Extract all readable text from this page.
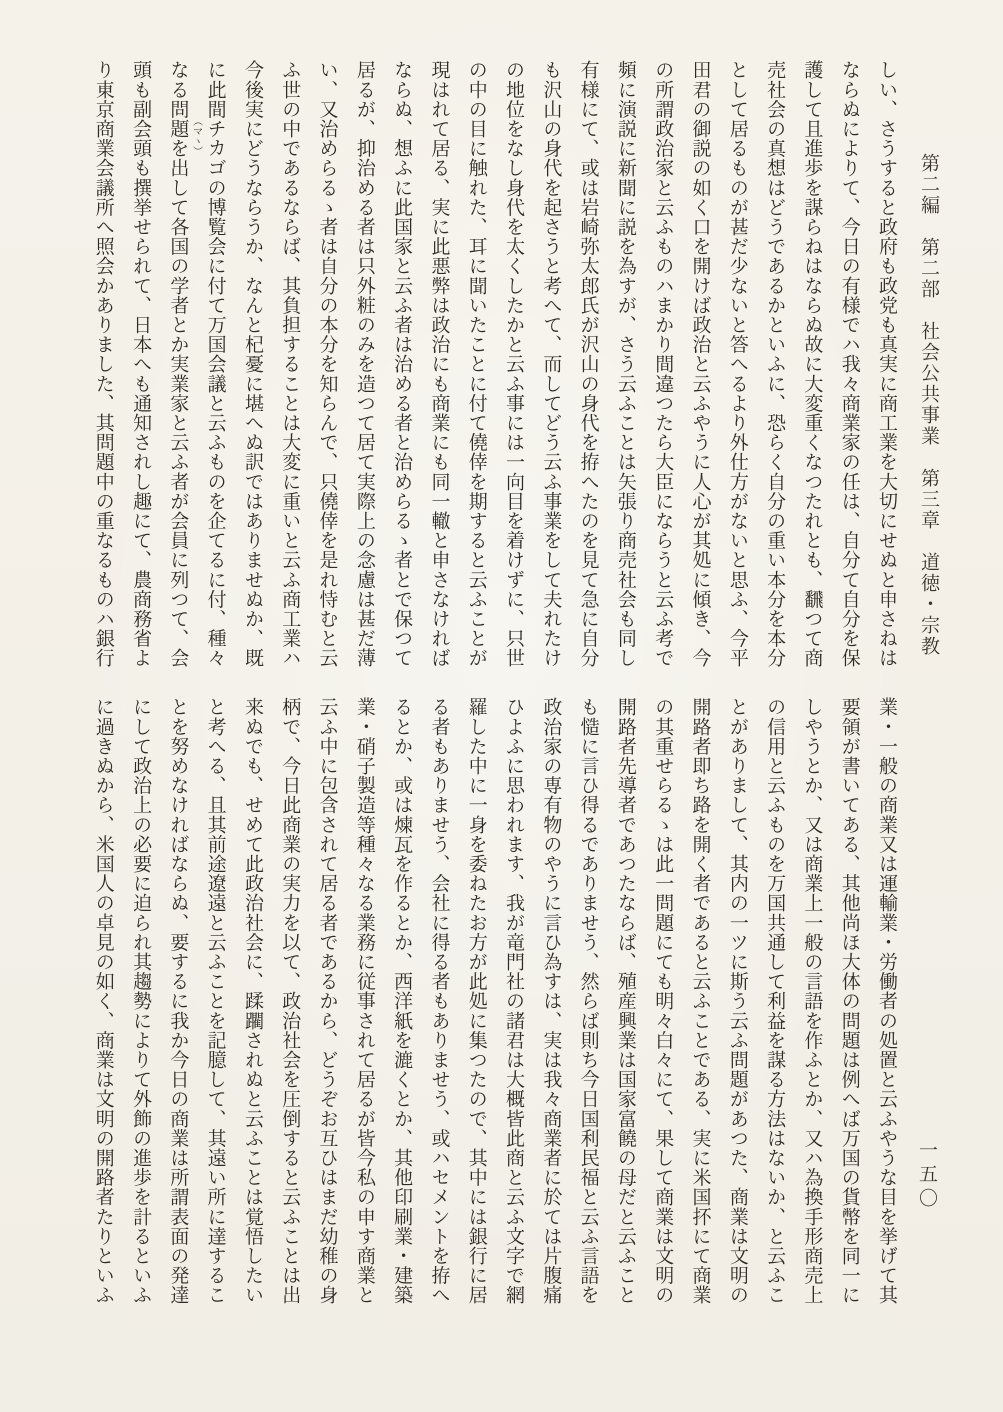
第二編　第二部　社会公共事業　第三章　道徳・宗教
一五〇

しい、さうすると政府も政党も真実に商工業を大切にせぬと申さねは

ならぬによりて、今日の有様でハ我々商業家の任は、自分て自分を保

護して且進歩を謀らねはならぬ故に大変重くなつたれとも、飜つて商

売社会の真想はどうであるかといふに、恐らく自分の重い本分を本分

として居るものが甚だ少ないと答へるより外仕方がないと思ふ、今平

田君の御説の如く口を開けば政治と云ふやうに人心が其処に傾き、今

の所謂政治家と云ふものハまかり間違つたら大臣にならうと云ふ考で

頻に演説に新聞に説を為すが、さう云ふことは矢張り商売社会も同し

有様にて、或は岩崎弥太郎氏が沢山の身代を拵へたのを見て急に自分

も沢山の身代を起さうと考へて、而してどう云ふ事業をして夫れたけ

の地位をなし身代を太くしたかと云ふ事には一向目を着けずに、只世

の中の目に触れた、耳に聞いたことに付て僥倖を期すると云ふことが

現はれて居る、実に此悪弊は政治にも商業にも同一轍と申さなければ

ならぬ、想ふに此国家と云ふ者は治める者と治めらるゝ者とで保つて

居るが、抑治める者は只外粧のみを造つて居て実際上の念慮は甚だ薄

い、又治めらるゝ者は自分の本分を知らんで、只僥倖を是れ恃むと云

ふ世の中であるならば、其負担することは大変に重いと云ふ商工業ハ

今後実にどうならうか、なんと杞憂に堪へぬ訳ではありませぬか、既

に此間チカゴ
（マヽ）
の博覧会に付て万国会議と云ふものを企てるに付、種々

なる問題を出して各国の学者とか実業家と云ふ者が会員に列つて、会

頭も副会頭も撰挙せられて、日本へも通知されし趣にて、農商務省よ

り東京商業会議所へ照会かありました、其問題中の重なるものハ銀行

業・一般の商業又は運輸業・労働者の処置と云ふやうな目を挙げて其

要領が書いてある、其他尚ほ大体の問題は例へば万国の貨幣を同一に

しやうとか、又は商業上一般の言語を作ふとか、又ハ為換手形商売上

の信用と云ふものを万国共通して利益を謀る方法はないか、と云ふこ

とがありまして、其内の一ツに斯う云ふ問題があつた、商業は文明の

開路者即ち路を開く者であると云ふことである、実に米国抔にて商業

の其重せらるゝは此一問題にても明々白々にて、果して商業は文明の

開路者先導者であつたならば、殖産興業は国家富饒の母だと云ふこと

も慥に言ひ得るでありませう、然らば則ち今日国利民福と云ふ言語を

政治家の専有物のやうに言ひ為すは、実は我々商業者に於ては片腹痛

ひよふに思われます、我が竜門社の諸君は大概皆此商と云ふ文字で網

羅した中に一身を委ねたお方が此処に集つたので、其中には銀行に居

る者もありませう、会社に得る者もありませう、或ハセメントを拵へ

るとか、或は煉瓦を作るとか、西洋紙を漉くとか、其他印刷業・建築

業・硝子製造等種々なる業務に従事されて居るが皆今私の申す商業と

云ふ中に包含されて居る者であるから、どうぞお互ひはまだ幼稚の身

柄で、今日此商業の実力を以て、政治社会を圧倒すると云ふことは出

来ぬでも、せめて此政治社会に、蹂躙されぬと云ふことは覚悟したい

と考へる、且其前途遼遠と云ふことを記臆して、其遠い所に達するこ

とを努めなければならぬ、要するに我か今日の商業は所謂表面の発達

にして政治上の必要に迫られ其趨勢によりて外飾の進歩を計るといふ

に過きぬから、米国人の卓見の如く、商業は文明の開路者たりといふ
